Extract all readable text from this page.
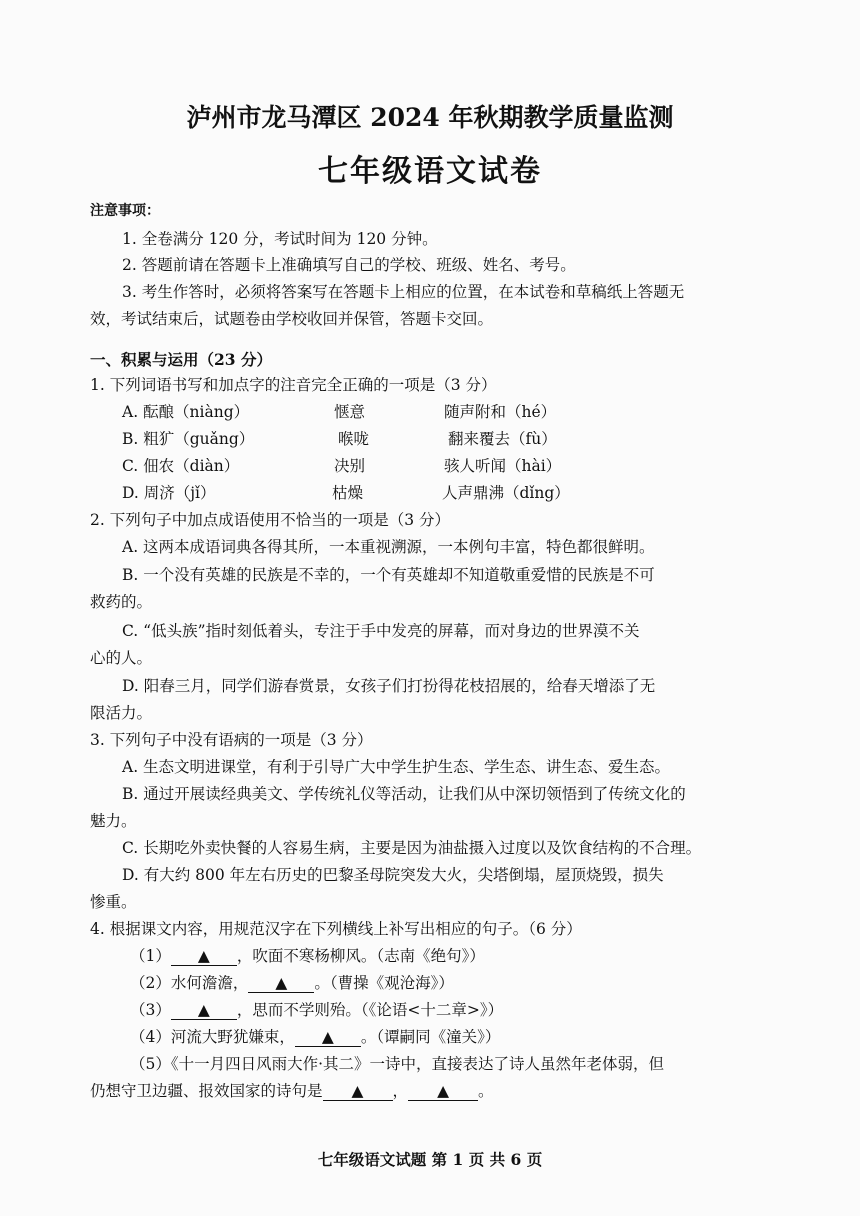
泸州市龙马潭区 2024 年秋期教学质量监测
七年级语文试卷
注意事项：
1. 全卷满分 120 分，考试时间为 120 分钟。
2. 答题前请在答题卡上准确填写自己的学校、班级、姓名、考号。
3. 考生作答时，必须将答案写在答题卡上相应的位置，在本试卷和草稿纸上答题无
效，考试结束后，试题卷由学校收回并保管，答题卡交回。
一、积累与运用（23 分）
1. 下列词语书写和加点字的注音完全正确的一项是（3 分）
A. 酝酿（niàng）	惬意	随声附和（hé）
B. 粗犷（guǎng）	喉咙	翻来覆去（fù）
C. 佃农（diàn）	决别	骇人听闻（hài）
D. 周济（jǐ）	枯燥	人声鼎沸（dǐng）
2. 下列句子中加点成语使用不恰当的一项是（3 分）
A. 这两本成语词典各得其所，一本重视溯源，一本例句丰富，特色都很鲜明。
B. 一个没有英雄的民族是不幸的，一个有英雄却不知道敬重爱惜的民族是不可
救药的。
C. “低头族”指时刻低着头，专注于手中发亮的屏幕，而对身边的世界漠不关
心的人。
D. 阳春三月，同学们游春赏景，女孩子们打扮得花枝招展的，给春天增添了无
限活力。
3. 下列句子中没有语病的一项是（3 分）
A. 生态文明进课堂，有利于引导广大中学生护生态、学生态、讲生态、爱生态。
B. 通过开展读经典美文、学传统礼仪等活动，让我们从中深切领悟到了传统文化的
魅力。
C. 长期吃外卖快餐的人容易生病，主要是因为油盐摄入过度以及饮食结构的不合理。
D. 有大约 800 年左右历史的巴黎圣母院突发大火，尖塔倒塌，屋顶烧毁，损失
惨重。
4. 根据课文内容，用规范汉字在下列横线上补写出相应的句子。（6 分）
（1） ▲ ，吹面不寒杨柳风。（志南《绝句》）
（2）水何澹澹， ▲ 。（曹操《观沧海》）
（3） ▲ ，思而不学则殆。（《论语<十二章>》）
（4）河流大野犹嫌束， ▲ 。（谭嗣同《潼关》）
（5）《十一月四日风雨大作·其二》一诗中，直接表达了诗人虽然年老体弱，但
仍想守卫边疆、报效国家的诗句是 ▲ ， ▲ 。
七年级语文试题 第 1 页 共 6 页
